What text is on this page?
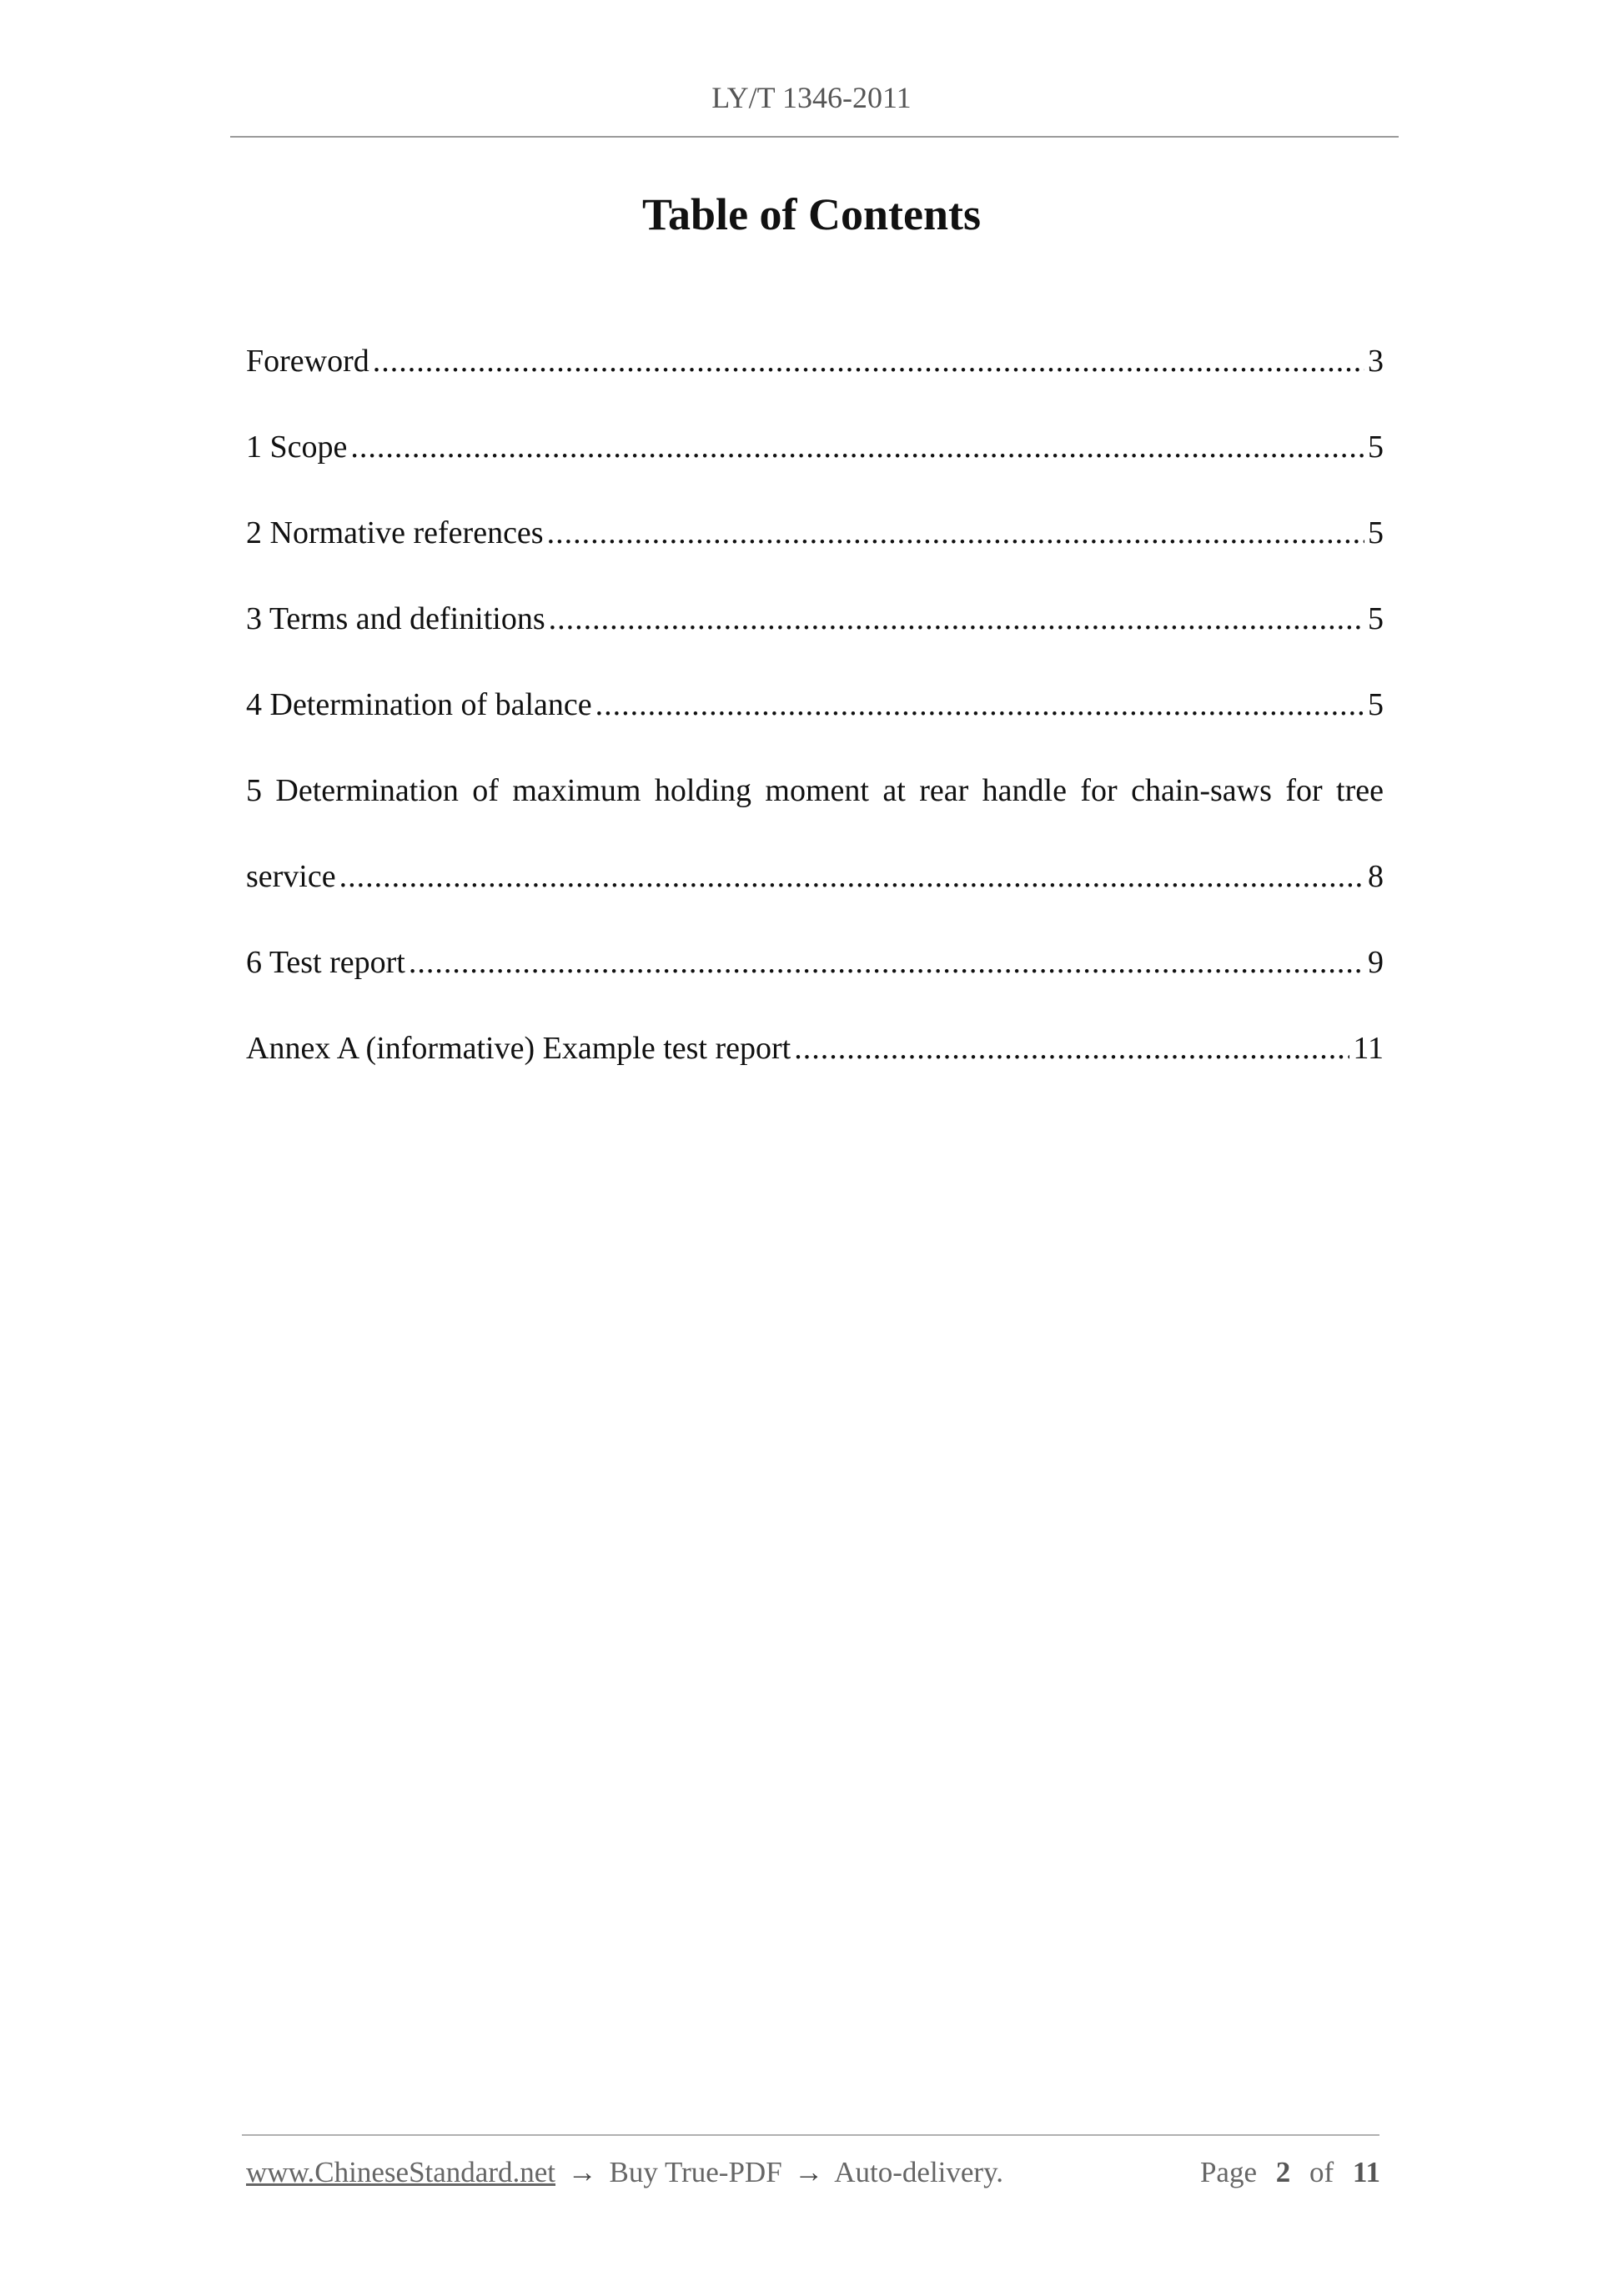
LY/T 1346-2011
Table of Contents
Foreword .....	3
1 Scope .....	5
2 Normative references .....	5
3 Terms and definitions .....	5
4 Determination of balance .....	5
5 Determination of maximum holding moment at rear handle for chain-saws for tree
service .....	8
6 Test report .....	9
Annex A (informative) Example test report .....	11
www.ChineseStandard.net → Buy True-PDF → Auto-delivery.	Page 2 of 11
